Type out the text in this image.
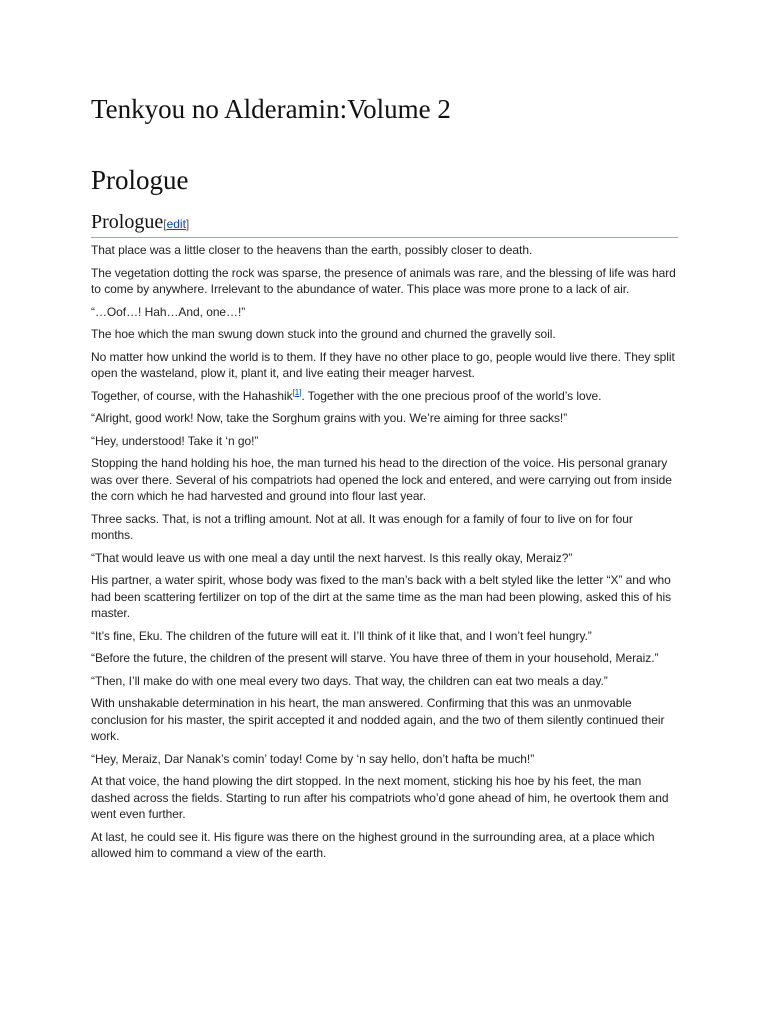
Tenkyou no Alderamin:Volume 2
Prologue
Prologue[edit]

That place was a little closer to the heavens than the earth, possibly closer to death.

The vegetation dotting the rock was sparse, the presence of animals was rare, and the blessing of life was hard to come by anywhere. Irrelevant to the abundance of water. This place was more prone to a lack of air.

“…Oof…! Hah…And, one…!”

The hoe which the man swung down stuck into the ground and churned the gravelly soil.

No matter how unkind the world is to them. If they have no other place to go, people would live there. They split open the wasteland, plow it, plant it, and live eating their meager harvest.

Together, of course, with the Hahashik[1]. Together with the one precious proof of the world’s love.

“Alright, good work! Now, take the Sorghum grains with you. We’re aiming for three sacks!”

“Hey, understood! Take it ‘n go!”

Stopping the hand holding his hoe, the man turned his head to the direction of the voice. His personal granary was over there. Several of his compatriots had opened the lock and entered, and were carrying out from inside the corn which he had harvested and ground into flour last year.

Three sacks. That, is not a trifling amount. Not at all. It was enough for a family of four to live on for four months.

“That would leave us with one meal a day until the next harvest. Is this really okay, Meraiz?”

His partner, a water spirit, whose body was fixed to the man’s back with a belt styled like the letter “X” and who had been scattering fertilizer on top of the dirt at the same time as the man had been plowing, asked this of his master.

“It’s fine, Eku. The children of the future will eat it. I’ll think of it like that, and I won’t feel hungry.”

“Before the future, the children of the present will starve. You have three of them in your household, Meraiz.”

“Then, I’ll make do with one meal every two days. That way, the children can eat two meals a day.”

With unshakable determination in his heart, the man answered. Confirming that this was an unmovable conclusion for his master, the spirit accepted it and nodded again, and the two of them silently continued their work.

“Hey, Meraiz, Dar Nanak’s comin’ today! Come by ‘n say hello, don’t hafta be much!”

At that voice, the hand plowing the dirt stopped. In the next moment, sticking his hoe by his feet, the man dashed across the fields. Starting to run after his compatriots who’d gone ahead of him, he overtook them and went even further.

At last, he could see it. His figure was there on the highest ground in the surrounding area, at a place which allowed him to command a view of the earth.
